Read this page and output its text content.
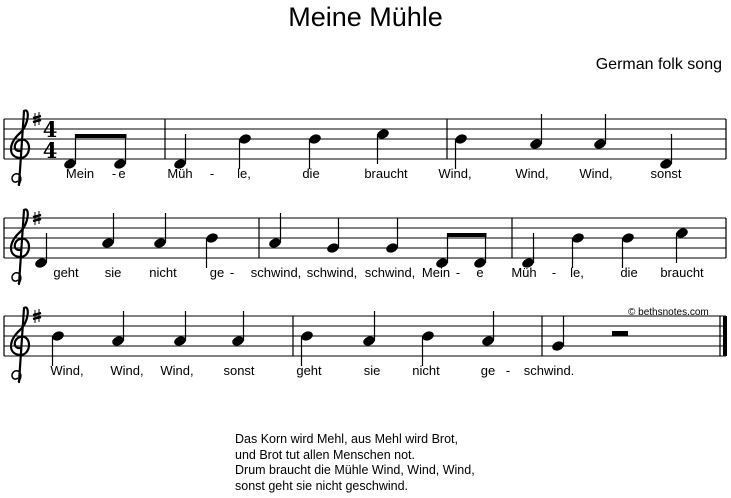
Meine Mühle
German folk song
© bethsnotes.com
4
4
Mein - e	Müh - le,	die	braucht Wind,	Wind, Wind,	sonst
geht sie nicht	ge - schwind, schwind, schwind, Mein - e Müh - le,	die braucht
Wind, Wind, Wind, sonst	geht	sie nicht	ge - schwind.
Das Korn wird Mehl, aus Mehl wird Brot,
und Brot tut allen Menschen not.
Drum braucht die Mühle Wind, Wind, Wind,
sonst geht sie nicht geschwind.
